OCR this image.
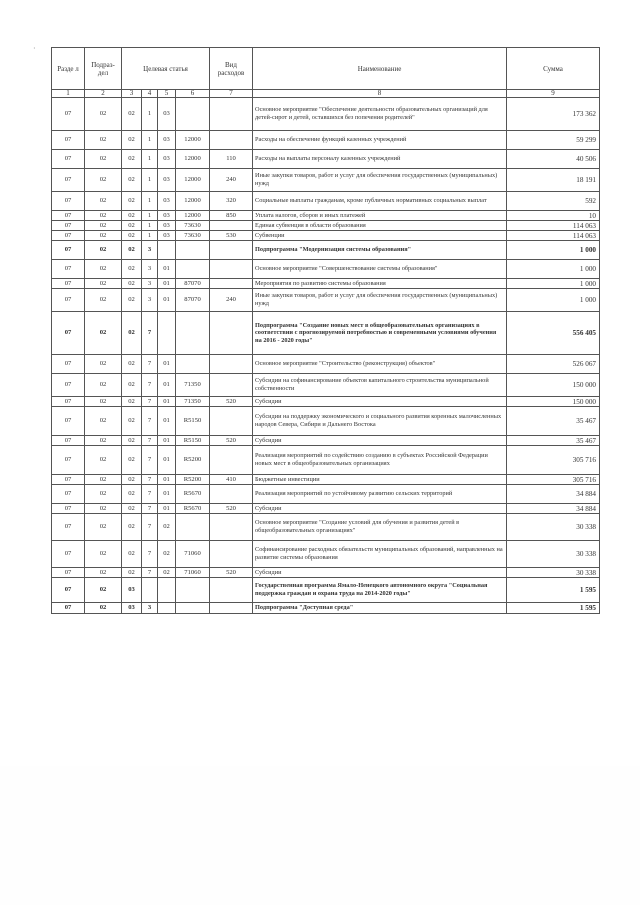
·
Разде л	Подраз- дел	Целевая статья				Вид расходов	Наименование	Сумма
1	2	3	4	5	6	7	8	9
07	02	02	1	03			Основное мероприятие "Обеспечение деятельности образовательных организаций для детей-сирот и детей, оставшихся без попечения родителей"	173 362
07	02	02	1	03	12000		Расходы на обеспечение функций казенных учреждений	59 299
07	02	02	1	03	12000	110	Расходы на выплаты персоналу казенных учреждений	40 506
07	02	02	1	03	12000	240	Иные закупки товаров, работ и услуг для обеспечения государственных (муниципальных) нужд	18 191
07	02	02	1	03	12000	320	Социальные выплаты гражданам, кроме публичных нормативных социальных выплат	592
07	02	02	1	03	12000	850	Уплата налогов, сборов и иных платежей	10
07	02	02	1	03	73630		Единая субвенция в области образования	114 063
07	02	02	1	03	73630	530	Субвенции	114 063
07	02	02	3				Подпрограмма "Модернизация системы образования"	1 000
07	02	02	3	01			Основное мероприятие "Совершенствование системы образования"	1 000
07	02	02	3	01	87070		Мероприятия по развитию системы образования	1 000
07	02	02	3	01	87070	240	Иные закупки товаров, работ и услуг для обеспечения государственных (муниципальных) нужд	1 000
07	02	02	7				Подпрограмма "Создание новых мест в общеобразовательных организациях в соответствии с прогнозируемой потребностью и современными условиями обучения на 2016 - 2020 годы"	556 405
07	02	02	7	01			Основное мероприятие "Строительство (реконструкция) объектов"	526 067
07	02	02	7	01	71350		Субсидии на софинансирование объектов капитального строительства муниципальной собственности	150 000
07	02	02	7	01	71350	520	Субсидии	150 000
07	02	02	7	01	R5150		Субсидии на поддержку экономического и социального развития коренных малочисленных народов Севера, Сибири и Дальнего Востока	35 467
07	02	02	7	01	R5150	520	Субсидии	35 467
07	02	02	7	01	R5200		Реализация мероприятий по содействию созданию в субъектах Российской Федерации новых мест в общеобразовательных организациях	305 716
07	02	02	7	01	R5200	410	Бюджетные инвестиции	305 716
07	02	02	7	01	R5670		Реализация мероприятий по устойчивому развитию сельских территорий	34 884
07	02	02	7	01	R5670	520	Субсидии	34 884
07	02	02	7	02			Основное мероприятие "Создание условий для обучения и развития детей в общеобразовательных организациях"	30 338
07	02	02	7	02	71060		Софинансирование расходных обязательств муниципальных образований, направленных на развитие системы образования	30 338
07	02	02	7	02	71060	520	Субсидии	30 338
07	02	03					Государственная программа Ямало-Ненецкого автономного округа "Социальная поддержка граждан и охрана труда на 2014-2020 годы"	1 595
07	02	03	3				Подпрограмма "Доступная среда"	1 595
